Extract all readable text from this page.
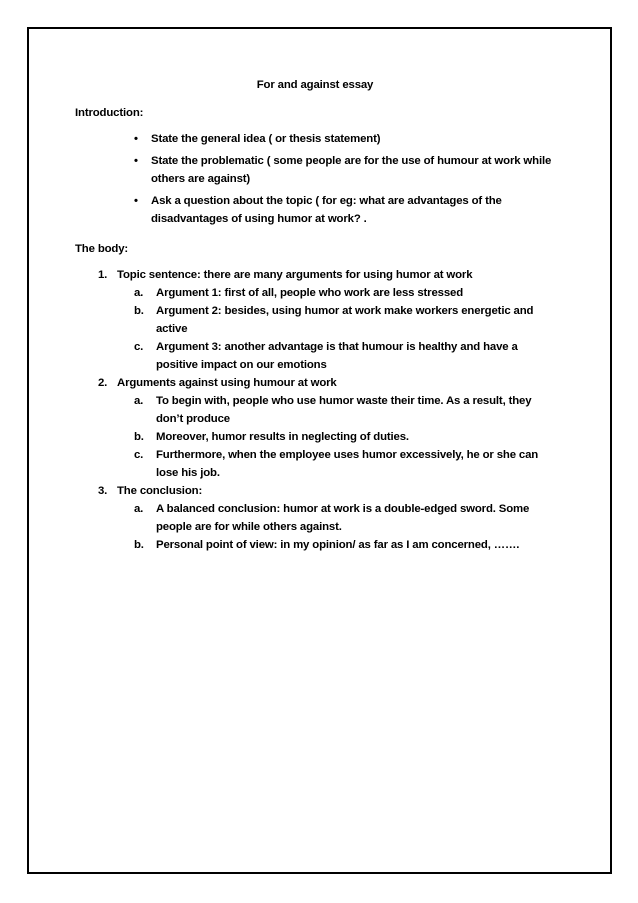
For and against essay
Introduction:
• State the general idea ( or thesis statement)
• State the problematic ( some people are for the use of humour at work while others are against)
• Ask a question about the topic ( for eg: what are advantages of the disadvantages of using humor at work? .
The body:
1. Topic sentence: there are many arguments for using humor at work
a. Argument 1: first of all, people who work are less stressed
b. Argument 2: besides, using humor at work make workers energetic and active
c. Argument 3: another advantage is that humour is healthy and have a positive impact on our emotions
2. Arguments against using humour at work
a. To begin with, people who use humor waste their time. As a result, they don’t produce
b. Moreover, humor results in neglecting of duties.
c. Furthermore, when the employee uses humor excessively, he or she can lose his job.
3. The conclusion:
a. A balanced conclusion: humor at work is a double-edged sword. Some people are for while others against.
b. Personal point of view: in my opinion/ as far as I am concerned, …….
